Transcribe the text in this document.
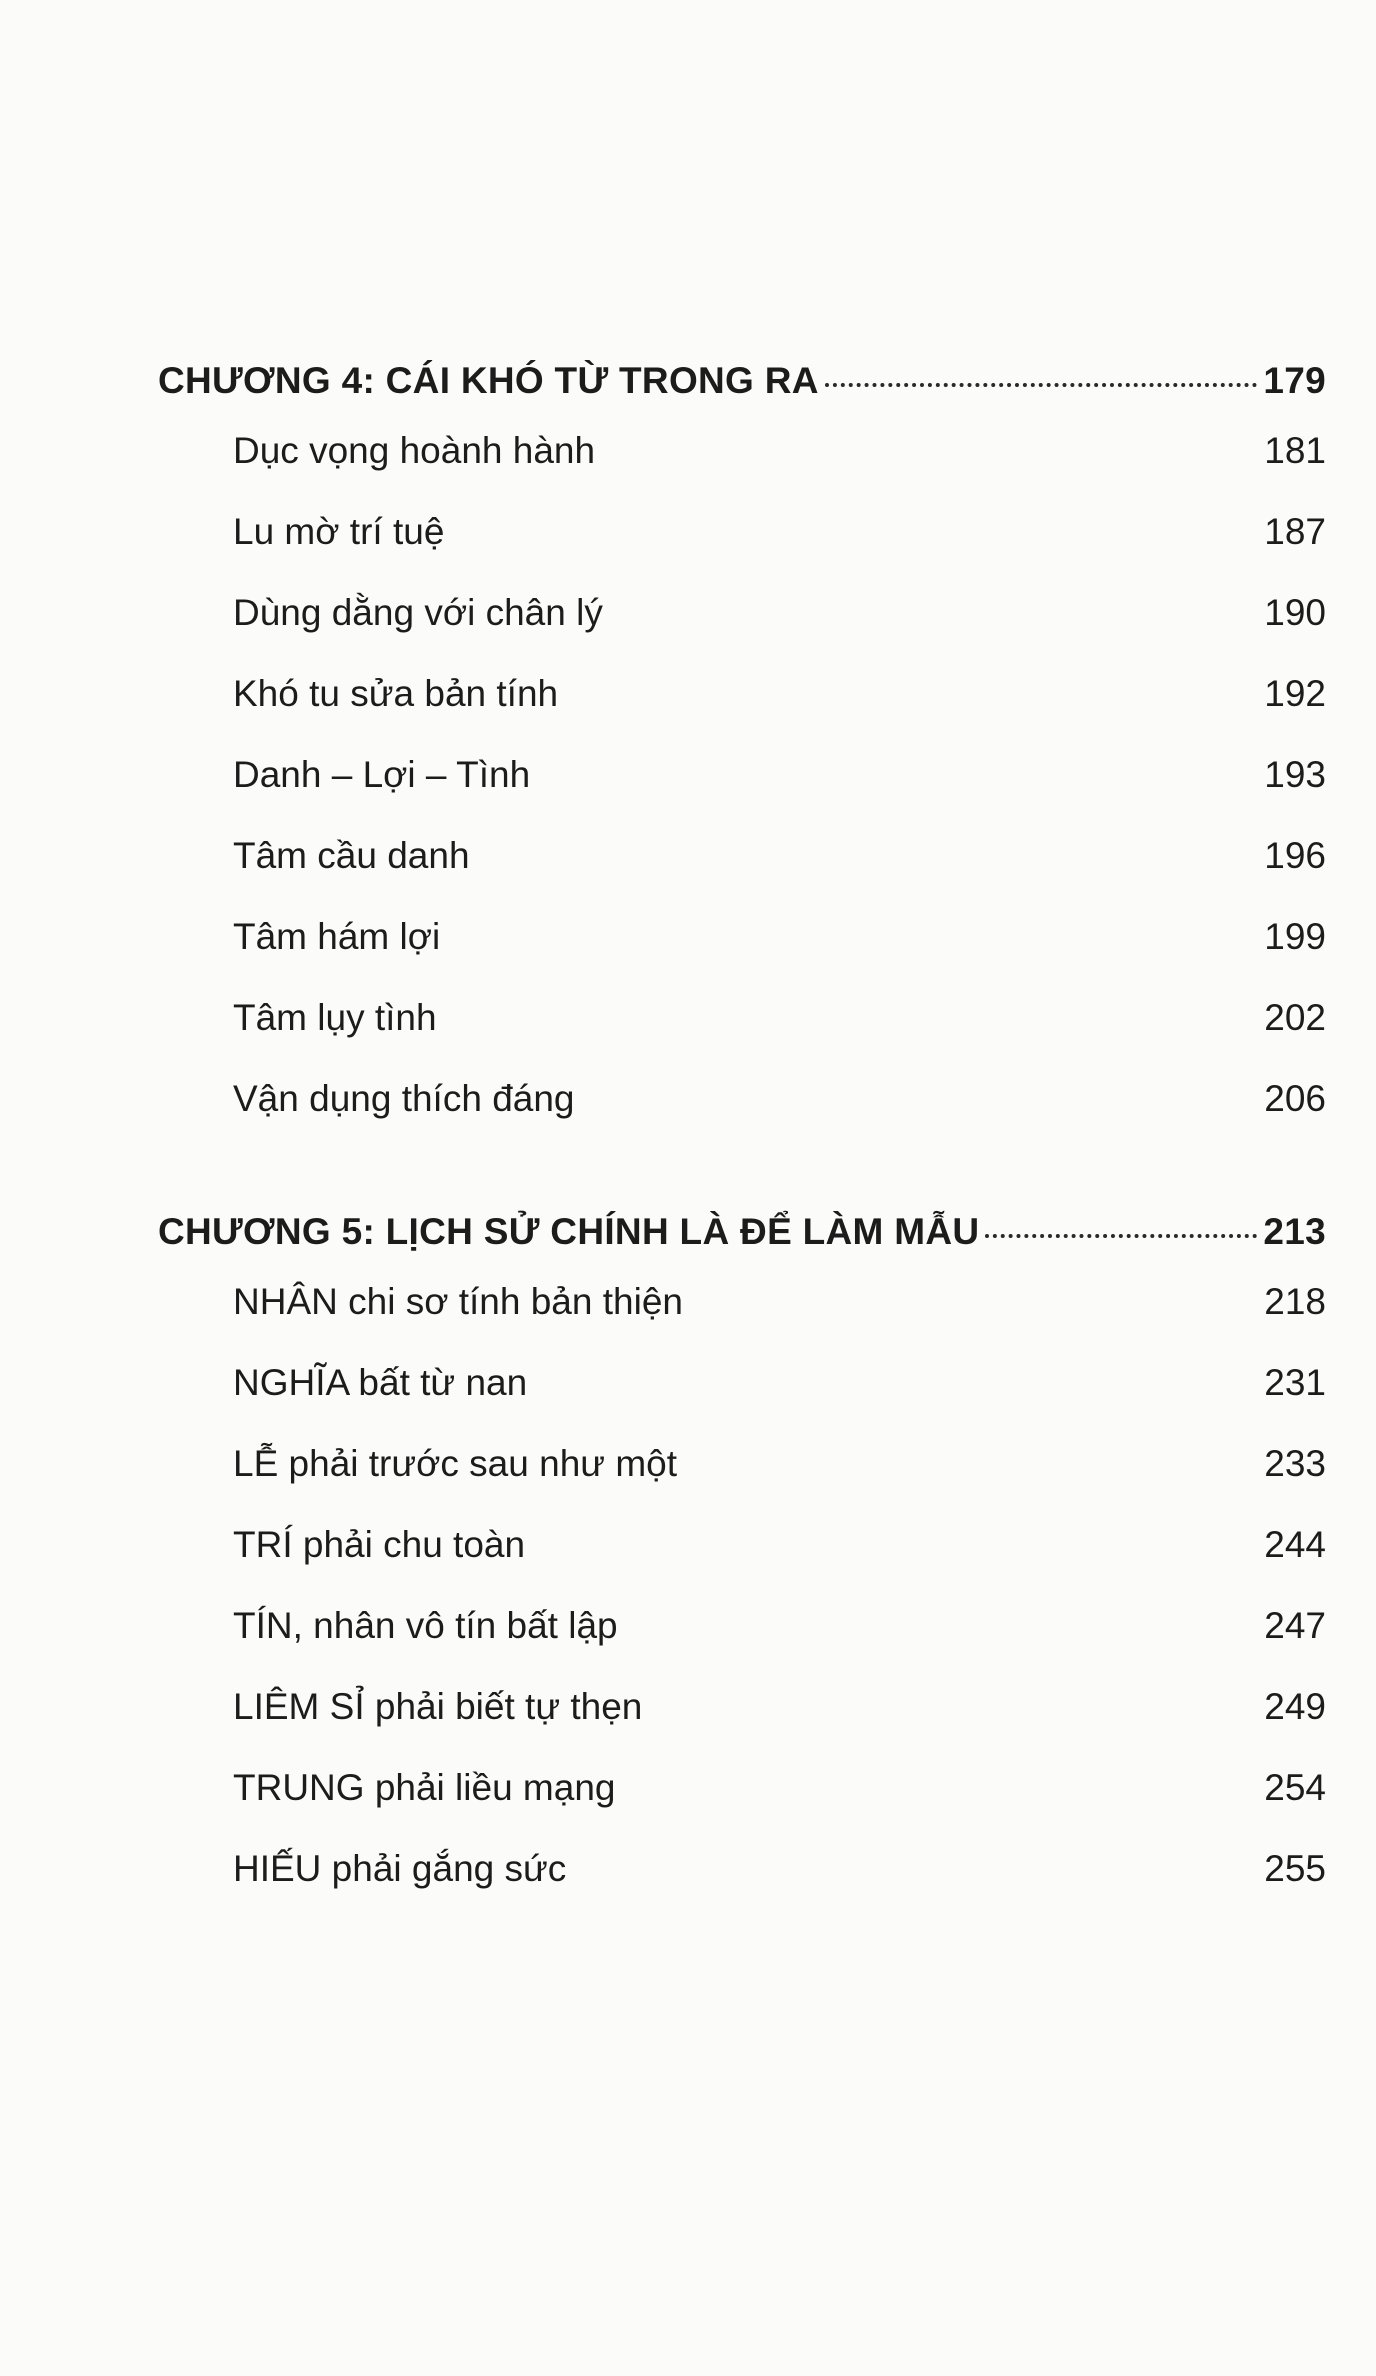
CHƯƠNG 4: CÁI KHÓ TỪ TRONG RA	179
Dục vọng hoành hành	181
Lu mờ trí tuệ	187
Dùng dằng với chân lý	190
Khó tu sửa bản tính	192
Danh – Lợi – Tình	193
Tâm cầu danh	196
Tâm hám lợi	199
Tâm lụy tình	202
Vận dụng thích đáng	206
CHƯƠNG 5: LỊCH SỬ CHÍNH LÀ ĐỂ LÀM MẪU	213
NHÂN chi sơ tính bản thiện	218
NGHĨA bất từ nan	231
LỄ phải trước sau như một	233
TRÍ phải chu toàn	244
TÍN, nhân vô tín bất lập	247
LIÊM SỈ phải biết tự thẹn	249
TRUNG phải liều mạng	254
HIẾU phải gắng sức	255
